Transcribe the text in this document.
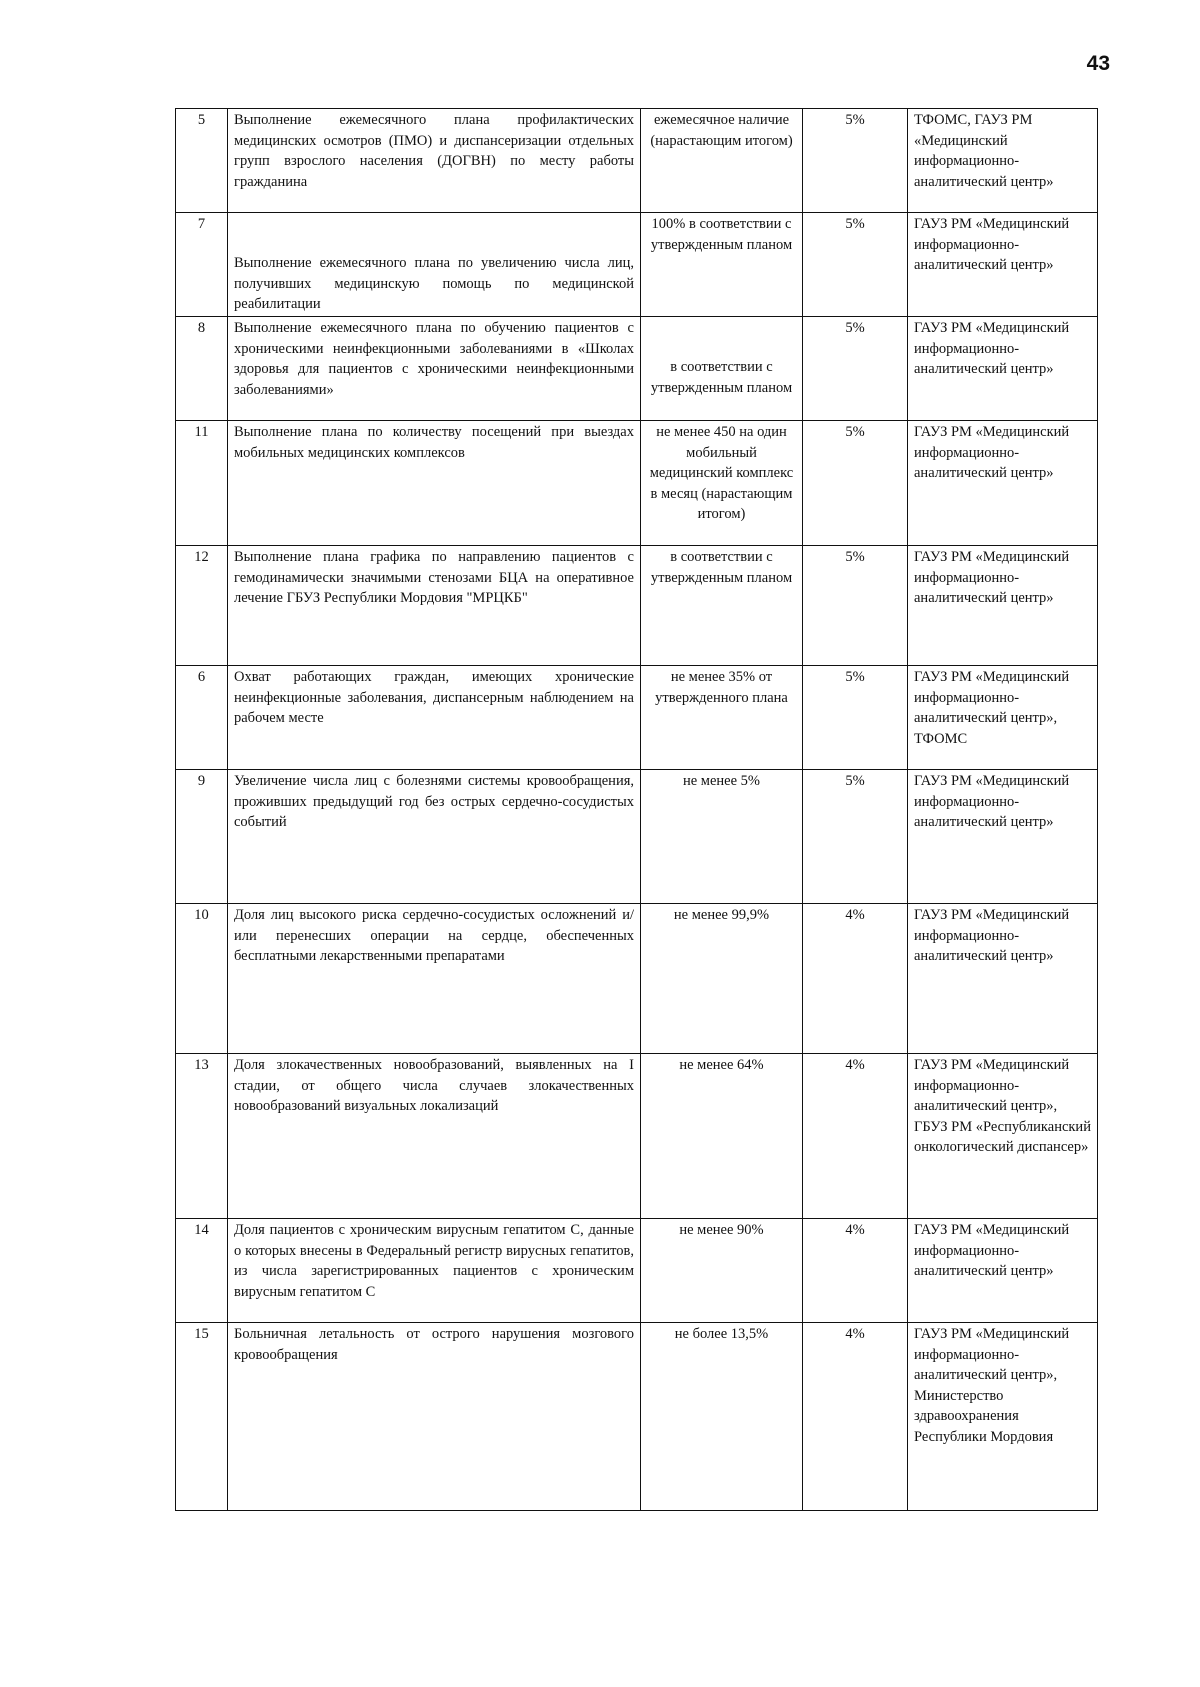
43
5	Выполнение ежемесячного плана профилактических медицинских осмотров (ПМО) и диспансеризации отдельных групп взрослого населения (ДОГВН) по месту работы гражданина	ежемесячное наличие (нарастающим итогом)	5%	ТФОМС, ГАУЗ РМ «Медицинский информационно-аналитический центр»
7	Выполнение ежемесячного плана по увеличению числа лиц, получивших медицинскую помощь по медицинской реабилитации	100% в соответствии с утвержденным планом	5%	ГАУЗ РМ «Медицинский информационно-аналитический центр»
8	Выполнение ежемесячного плана по обучению пациентов с хроническими неинфекционными заболеваниями в «Школах здоровья для пациентов с хроническими неинфекционными заболеваниями»	в соответствии с утвержденным планом	5%	ГАУЗ РМ «Медицинский информационно-аналитический центр»
11	Выполнение плана по количеству посещений при выездах мобильных медицинских комплексов	не менее 450 на один мобильный медицинский комплекс в месяц (нарастающим итогом)	5%	ГАУЗ РМ «Медицинский информационно-аналитический центр»
12	Выполнение плана графика по направлению пациентов с гемодинамически значимыми стенозами БЦА на оперативное лечение ГБУЗ Республики Мордовия "МРЦКБ"	в соответствии с утвержденным планом	5%	ГАУЗ РМ «Медицинский информационно-аналитический центр»
6	Охват работающих граждан, имеющих хронические неинфекционные заболевания, диспансерным наблюдением на рабочем месте	не менее 35% от утвержденного плана	5%	ГАУЗ РМ «Медицинский информационно-аналитический центр», ТФОМС
9	Увеличение числа лиц с болезнями системы кровообращения, проживших предыдущий год без острых сердечно-сосудистых событий	не менее 5%	5%	ГАУЗ РМ «Медицинский информационно-аналитический центр»
10	Доля лиц высокого риска сердечно-сосудистых осложнений и/или перенесших операции на сердце, обеспеченных бесплатными лекарственными препаратами	не менее 99,9%	4%	ГАУЗ РМ «Медицинский информационно-аналитический центр»
13	Доля злокачественных новообразований, выявленных на I стадии, от общего числа случаев злокачественных новообразований визуальных локализаций	не менее 64%	4%	ГАУЗ РМ «Медицинский информационно-аналитический центр», ГБУЗ РМ «Республиканский онкологический диспансер»
14	Доля пациентов с хроническим вирусным гепатитом С, данные о которых внесены в Федеральный регистр вирусных гепатитов, из числа зарегистрированных пациентов с хроническим вирусным гепатитом С	не менее 90%	4%	ГАУЗ РМ «Медицинский информационно-аналитический центр»
15	Больничная летальность от острого нарушения мозгового кровообращения	не более 13,5%	4%	ГАУЗ РМ «Медицинский информационно-аналитический центр», Министерство здравоохранения Республики Мордовия
